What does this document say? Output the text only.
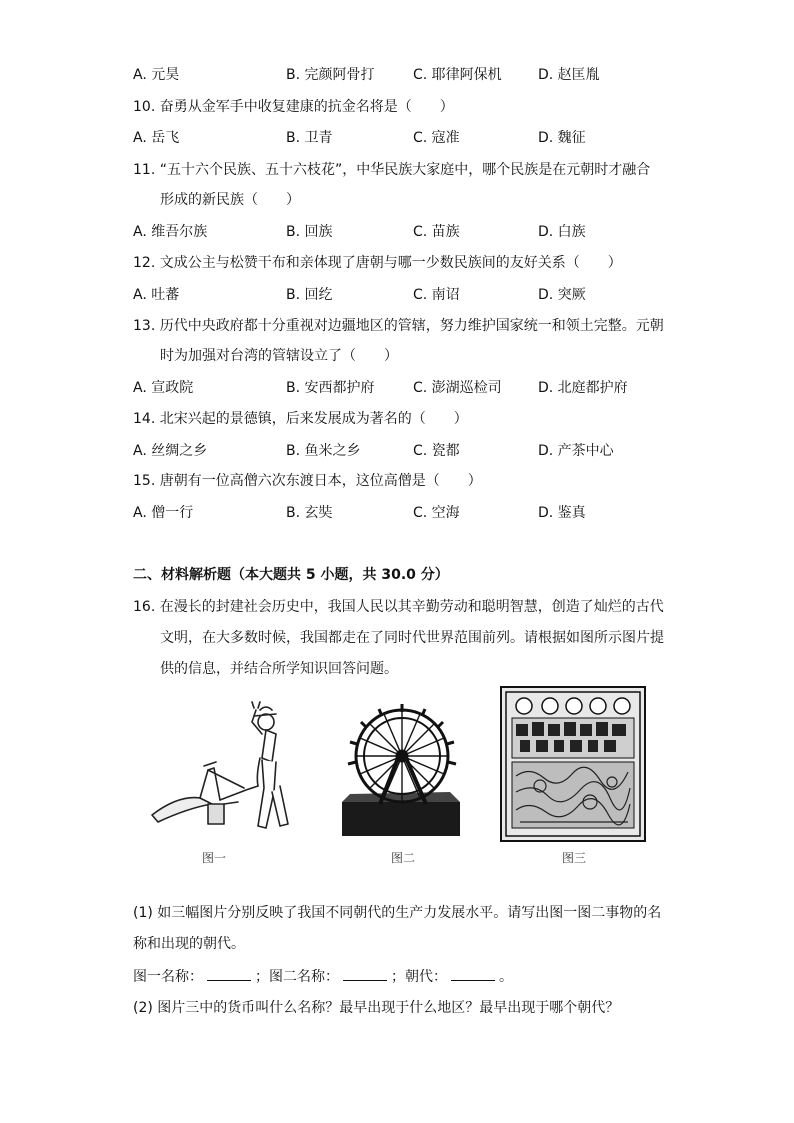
A. 元昊	B. 完颜阿骨打	C. 耶律阿保机	D. 赵匡胤
10. 奋勇从金军手中收复建康的抗金名将是（　　）
A. 岳飞	B. 卫青	C. 寇准	D. 魏征
11. “五十六个民族、五十六枝花”，中华民族大家庭中，哪个民族是在元朝时才融合
形成的新民族（　　）
A. 维吾尔族	B. 回族	C. 苗族	D. 白族
12. 文成公主与松赞干布和亲体现了唐朝与哪一少数民族间的友好关系（　　）
A. 吐蕃	B. 回纥	C. 南诏	D. 突厥
13. 历代中央政府都十分重视对边疆地区的管辖，努力维护国家统一和领土完整。元朝
时为加强对台湾的管辖设立了（　　）
A. 宣政院	B. 安西都护府	C. 澎湖巡检司	D. 北庭都护府
14. 北宋兴起的景德镇，后来发展成为著名的（　　）
A. 丝绸之乡	B. 鱼米之乡	C. 瓷都	D. 产茶中心
15. 唐朝有一位高僧六次东渡日本，这位高僧是（　　）
A. 僧一行	B. 玄奘	C. 空海	D. 鉴真
二、材料解析题（本大题共 5 小题，共 30.0 分）
16. 在漫长的封建社会历史中，我国人民以其辛勤劳动和聪明智慧，创造了灿烂的古代
文明，在大多数时候，我国都走在了同时代世界范围前列。请根据如图所示图片提
供的信息，并结合所学知识回答问题。
图一	图二	图三
(1) 如三幅图片分别反映了我国不同朝代的生产力发展水平。请写出图一图二事物的名
称和出现的朝代。
图一名称：	；图二名称：	；朝代：	。
(2) 图片三中的货币叫什么名称？最早出现于什么地区？最早出现于哪个朝代？
